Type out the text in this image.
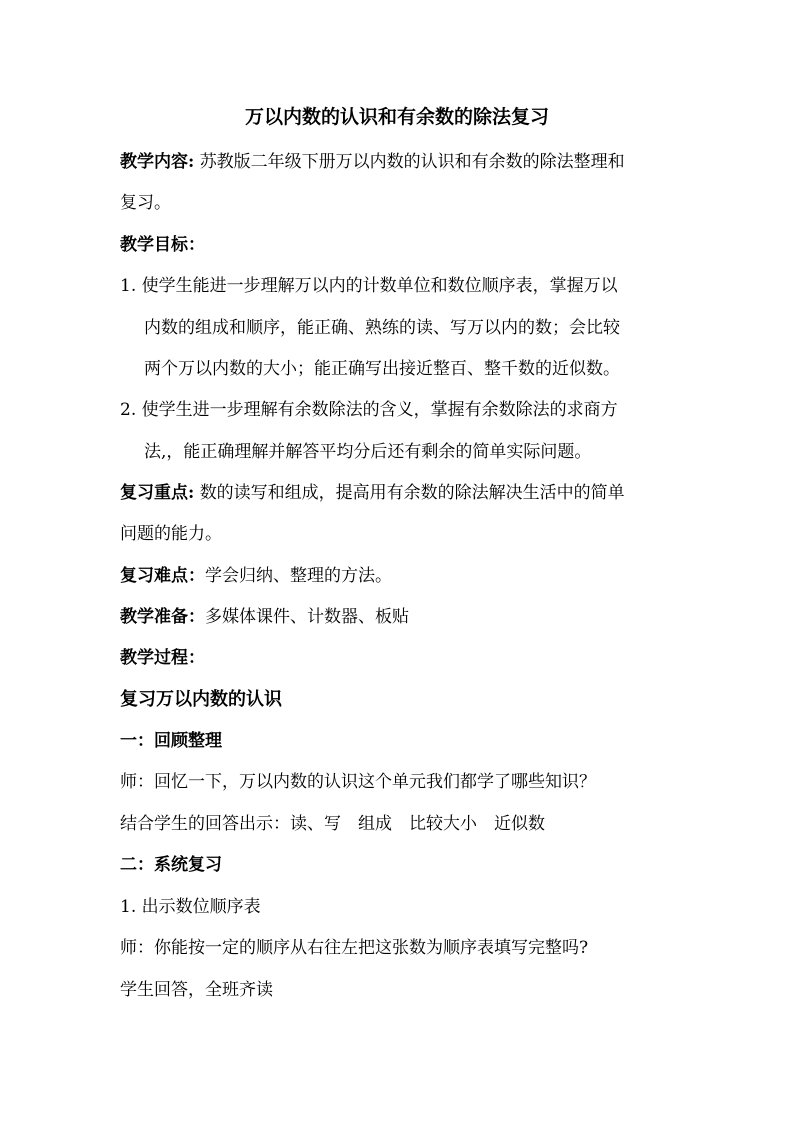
万以内数的认识和有余数的除法复习
教学内容: 苏教版二年级下册万以内数的认识和有余数的除法整理和
复习。
教学目标：
1. 使学生能进一步理解万以内的计数单位和数位顺序表，掌握万以
内数的组成和顺序，能正确、熟练的读、写万以内的数；会比较
两个万以内数的大小；能正确写出接近整百、整千数的近似数。
2. 使学生进一步理解有余数除法的含义，掌握有余数除法的求商方
法,，能正确理解并解答平均分后还有剩余的简单实际问题。
复习重点: 数的读写和组成，提高用有余数的除法解决生活中的简单
问题的能力。
复习难点：学会归纳、整理的方法。
教学准备：多媒体课件、计数器、板贴
教学过程：
复习万以内数的认识
一：回顾整理
师：回忆一下，万以内数的认识这个单元我们都学了哪些知识？
结合学生的回答出示：读、写　组成　比较大小　近似数
二：系统复习
1. 出示数位顺序表
师：你能按一定的顺序从右往左把这张数为顺序表填写完整吗?
学生回答，全班齐读
